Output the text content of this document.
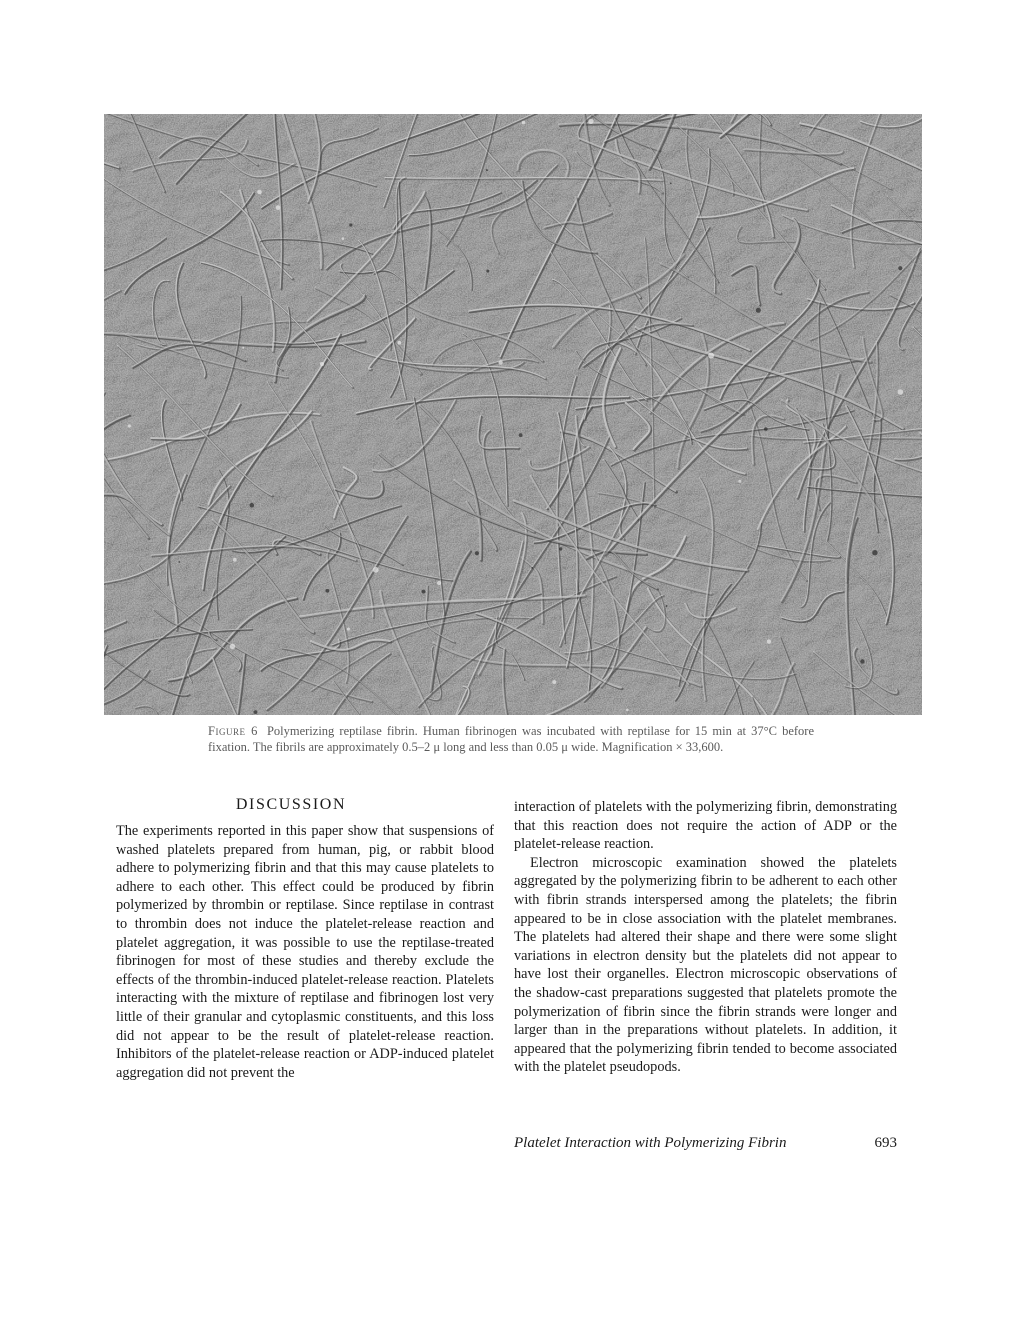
Figure 6 Polymerizing reptilase fibrin. Human fibrinogen was incubated with reptilase for 15 min at 37°C before fixation. The fibrils are approximately 0.5–2 μ long and less than 0.05 μ wide. Magnification × 33,600.
DISCUSSION

The experiments reported in this paper show that suspensions of washed platelets prepared from human, pig, or rabbit blood adhere to polymerizing fibrin and that this may cause platelets to adhere to each other. This effect could be produced by fibrin polymerized by thrombin or reptilase. Since reptilase in contrast to thrombin does not induce the platelet-release reaction and platelet aggregation, it was possible to use the reptilase-treated fibrinogen for most of these studies and thereby exclude the effects of the thrombin-induced platelet-release reaction. Platelets interacting with the mixture of reptilase and fibrinogen lost very little of their granular and cytoplasmic constituents, and this loss did not appear to be the result of platelet-release reaction. Inhibitors of the platelet-release reaction or ADP-induced platelet aggregation did not prevent the

interaction of platelets with the polymerizing fibrin, demonstrating that this reaction does not require the action of ADP or the platelet-release reaction.

Electron microscopic examination showed the platelets aggregated by the polymerizing fibrin to be adherent to each other with fibrin strands interspersed among the platelets; the fibrin appeared to be in close association with the platelet membranes. The platelets had altered their shape and there were some slight variations in electron density but the platelets did not appear to have lost their organelles. Electron microscopic observations of the shadow-cast preparations suggested that platelets promote the polymerization of fibrin since the fibrin strands were longer and larger than in the preparations without platelets. In addition, it appeared that the polymerizing fibrin tended to become associated with the platelet pseudopods.

Platelet Interaction with Polymerizing Fibrin	693
